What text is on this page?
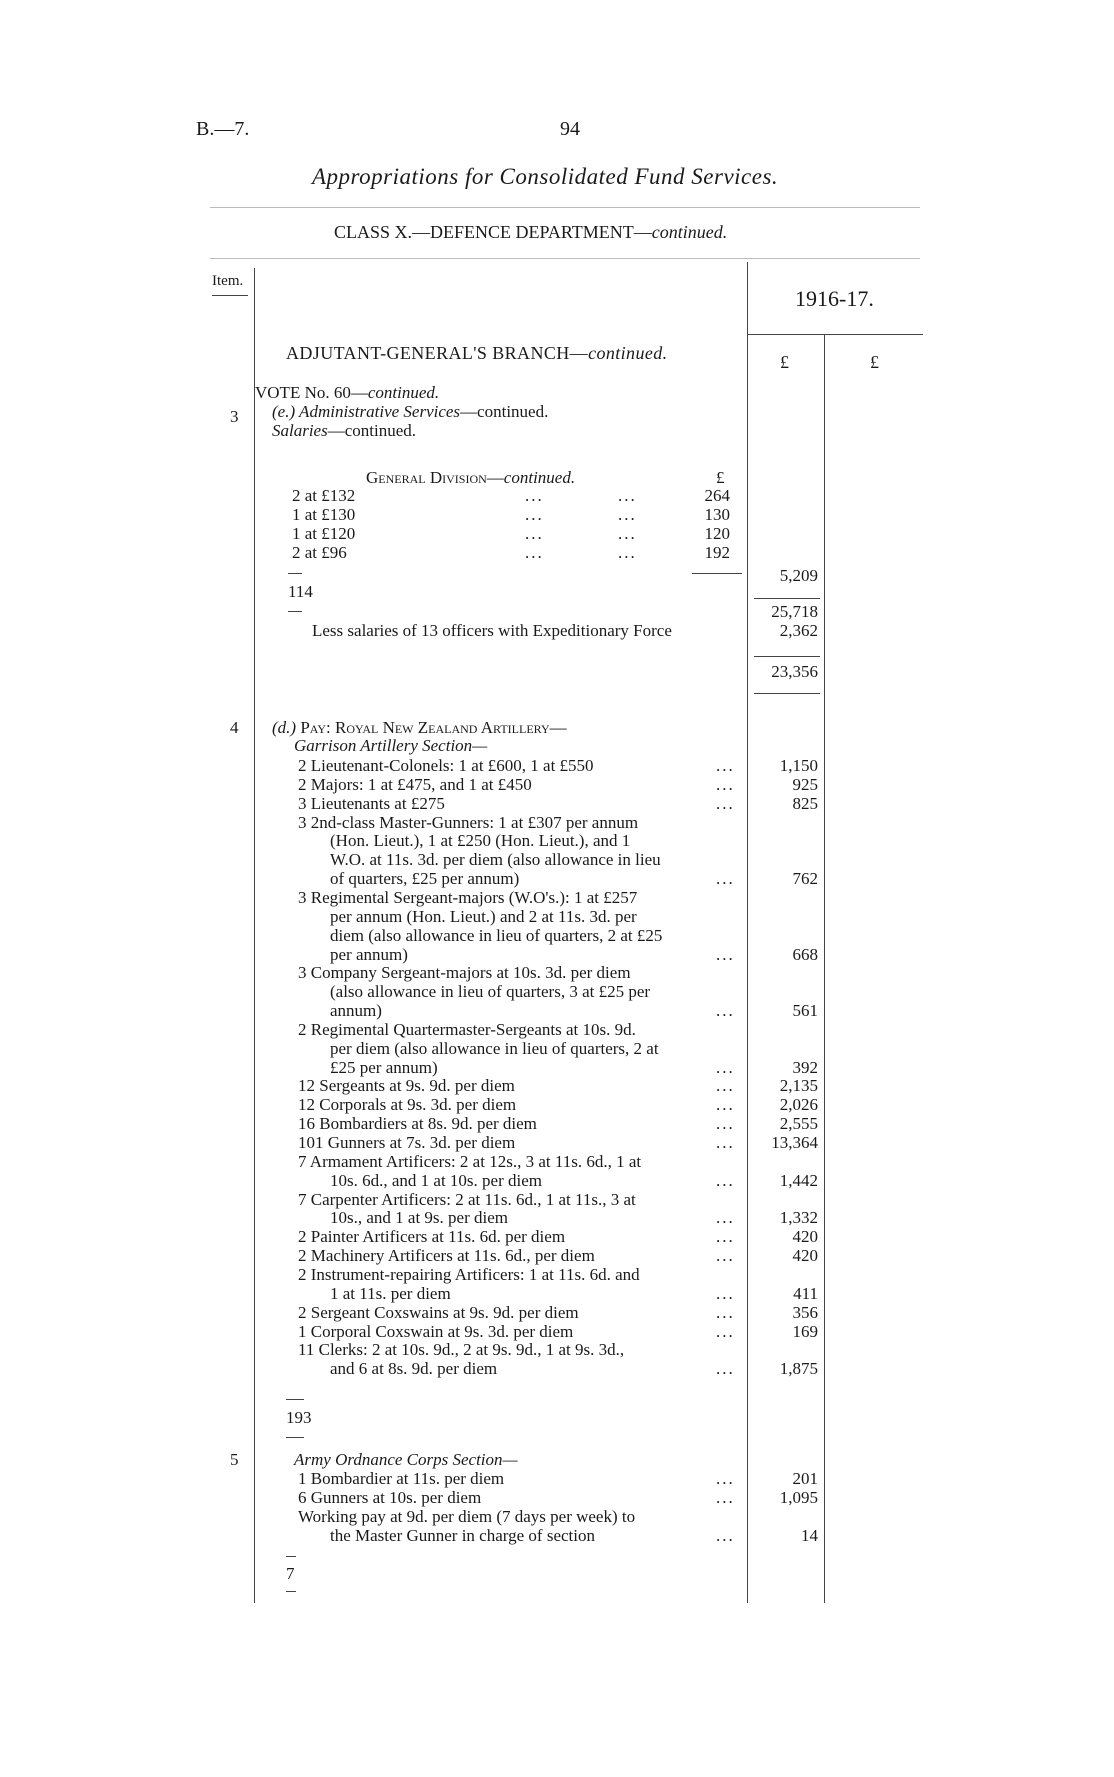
B.—7.	94
Appropriations for Consolidated Fund Services.
CLASS X.—DEFENCE DEPARTMENT—continued.
Item.
1916-17.
£	£
ADJUTANT-GENERAL'S BRANCH—continued.
3
VOTE No. 60—continued.
(e.) Administrative Services—continued.
Salaries—continued.
General Division—continued.	£
2 at £132	...	...	264
1 at £130	...	...	130
1 at £120	...	...	120
2 at £96	...	...	192
5,209
114
25,718
Less salaries of 13 officers with Expeditionary Force	2,362
23,356
4 (d.) Pay: Royal New Zealand Artillery—
Garrison Artillery Section—
2 Lieutenant-Colonels: 1 at £600, 1 at £550	...	1,150
2 Majors: 1 at £475, and 1 at £450	...	925
3 Lieutenants at £275	...	825
3 2nd-class Master-Gunners: 1 at £307 per annum
(Hon. Lieut.), 1 at £250 (Hon. Lieut.), and 1
W.O. at 11s. 3d. per diem (also allowance in lieu
of quarters, £25 per annum)	...	762
3 Regimental Sergeant-majors (W.O's.): 1 at £257
per annum (Hon. Lieut.) and 2 at 11s. 3d. per
diem (also allowance in lieu of quarters, 2 at £25
per annum)	...	668
3 Company Sergeant-majors at 10s. 3d. per diem
(also allowance in lieu of quarters, 3 at £25 per
annum)	...	561
2 Regimental Quartermaster-Sergeants at 10s. 9d.
per diem (also allowance in lieu of quarters, 2 at
£25 per annum)	...	392
12 Sergeants at 9s. 9d. per diem	...	2,135
12 Corporals at 9s. 3d. per diem	...	2,026
16 Bombardiers at 8s. 9d. per diem	...	2,555
101 Gunners at 7s. 3d. per diem	...	13,364
7 Armament Artificers: 2 at 12s., 3 at 11s. 6d., 1 at
10s. 6d., and 1 at 10s. per diem	...	1,442
7 Carpenter Artificers: 2 at 11s. 6d., 1 at 11s., 3 at
10s., and 1 at 9s. per diem	...	1,332
2 Painter Artificers at 11s. 6d. per diem	...	420
2 Machinery Artificers at 11s. 6d., per diem	...	420
2 Instrument-repairing Artificers: 1 at 11s. 6d. and
1 at 11s. per diem	...	411
2 Sergeant Coxswains at 9s. 9d. per diem	...	356
1 Corporal Coxswain at 9s. 3d. per diem	...	169
11 Clerks: 2 at 10s. 9d., 2 at 9s. 9d., 1 at 9s. 3d.,
and 6 at 8s. 9d. per diem	...	1,875
193
5	Army Ordnance Corps Section—
1 Bombardier at 11s. per diem	...	201
6 Gunners at 10s. per diem	...	1,095
Working pay at 9d. per diem (7 days per week) to
the Master Gunner in charge of section	...	14
7
